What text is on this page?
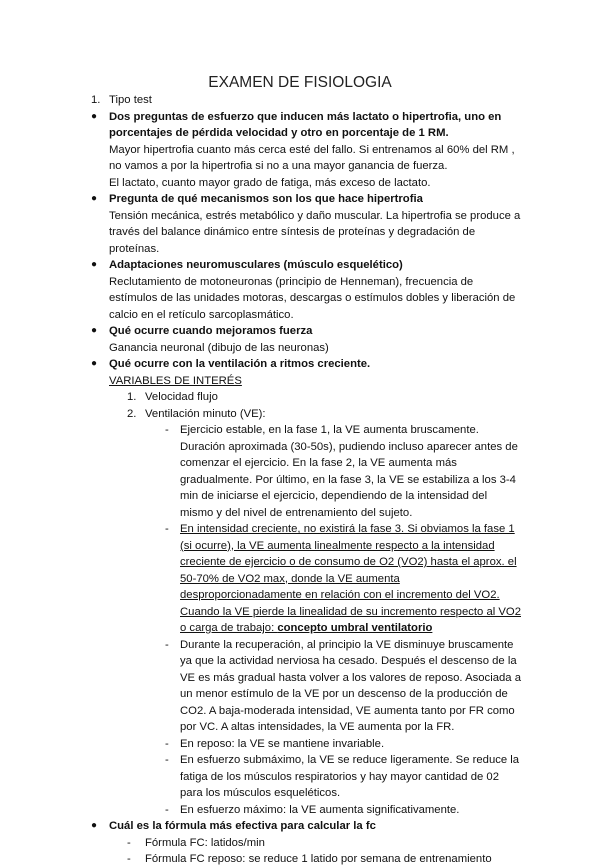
EXAMEN DE FISIOLOGIA
1. Tipo test
● Dos preguntas de esfuerzo que inducen más lactato o hipertrofia, uno en porcentajes de pérdida velocidad y otro en porcentaje de 1 RM.
Mayor hipertrofia cuanto más cerca esté del fallo. Si entrenamos al 60% del RM , no vamos a por la hipertrofia si no a una mayor ganancia de fuerza.
El lactato, cuanto mayor grado de fatiga, más exceso de lactato.
● Pregunta de qué mecanismos son los que hace hipertrofia
Tensión mecánica, estrés metabólico y daño muscular. La hipertrofia se produce a través del balance dinámico entre síntesis de proteínas y degradación de proteínas.
● Adaptaciones neuromusculares (músculo esquelético)
Reclutamiento de motoneuronas (principio de Henneman), frecuencia de estímulos de las unidades motoras, descargas o estímulos dobles y liberación de calcio en el retículo sarcoplasmático.
● Qué ocurre cuando mejoramos fuerza
Ganancia neuronal (dibujo de las neuronas)
● Qué ocurre con la ventilación a ritmos creciente.
VARIABLES DE INTERÉS
1. Velocidad flujo
2. Ventilación minuto (VE):
- Ejercicio estable, en la fase 1, la VE aumenta bruscamente. Duración aproximada (30-50s), pudiendo incluso aparecer antes de comenzar el ejercicio. En la fase 2, la VE aumenta más gradualmente. Por último, en la fase 3, la VE se estabiliza a los 3-4 min de iniciarse el ejercicio, dependiendo de la intensidad del mismo y del nivel de entrenamiento del sujeto.
- En intensidad creciente, no existirá la fase 3. Si obviamos la fase 1 (si ocurre), la VE aumenta linealmente respecto a la intensidad creciente de ejercicio o de consumo de O2 (VO2) hasta el aprox. el 50-70% de VO2 max, donde la VE aumenta desproporcionadamente en relación con el incremento del VO2. Cuando la VE pierde la linealidad de su incremento respecto al VO2 o carga de trabajo: concepto umbral ventilatorio
- Durante la recuperación, al principio la VE disminuye bruscamente ya que la actividad nerviosa ha cesado. Después el descenso de la VE es más gradual hasta volver a los valores de reposo. Asociada a un menor estímulo de la VE por un descenso de la producción de CO2. A baja-moderada intensidad, VE aumenta tanto por FR como por VC. A altas intensidades, la VE aumenta por la FR.
- En reposo: la VE se mantiene invariable.
- En esfuerzo submáximo, la VE se reduce ligeramente. Se reduce la fatiga de los músculos respiratorios y hay mayor cantidad de 02 para los músculos esqueléticos.
- En esfuerzo máximo: la VE aumenta significativamente.
● Cuál es la fórmula más efectiva para calcular la fc
- Fórmula FC: latidos/min
- Fórmula FC reposo: se reduce 1 latido por semana de entrenamiento
